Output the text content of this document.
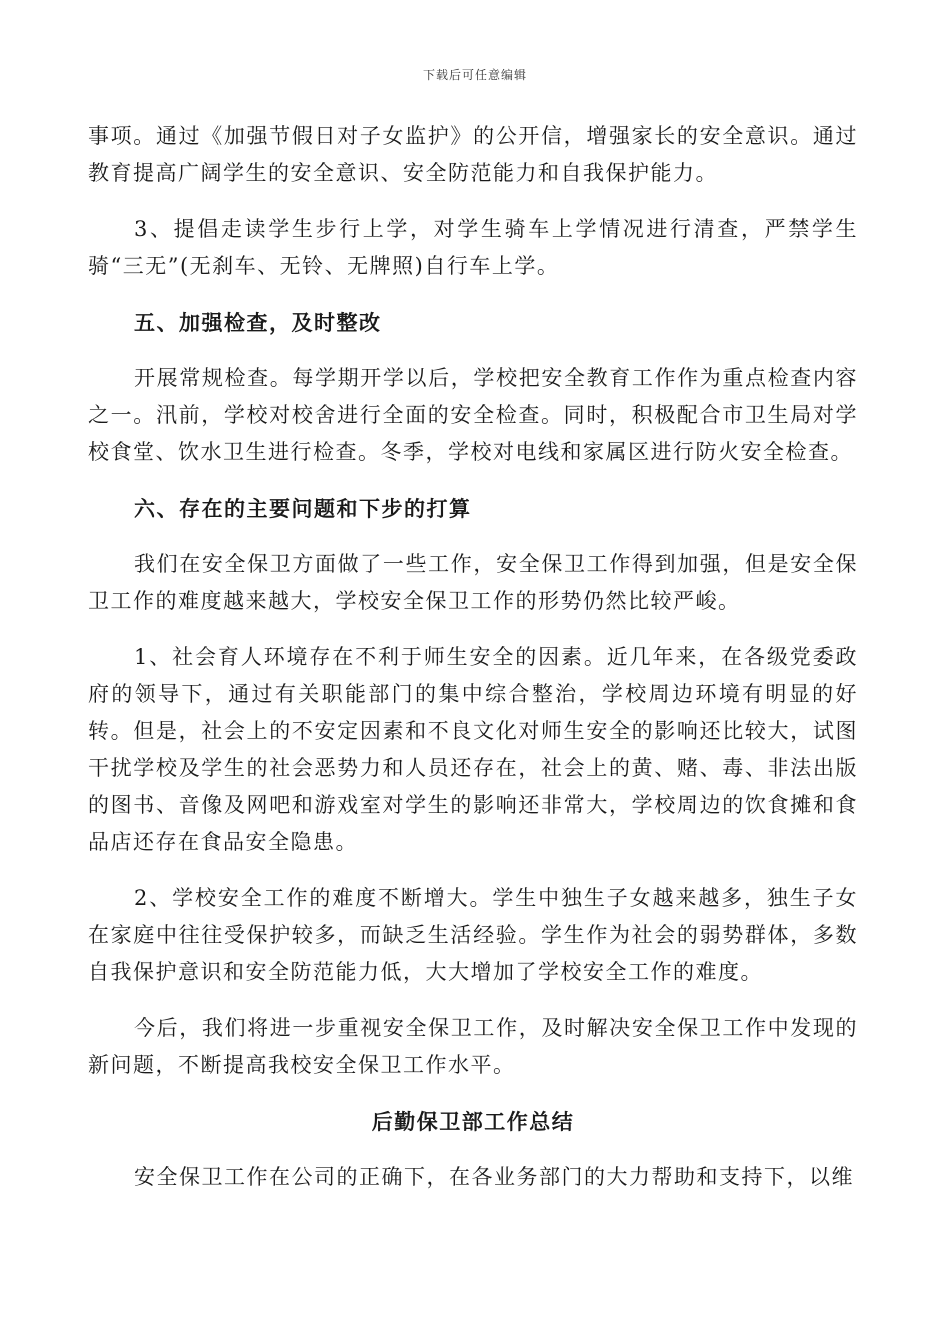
下载后可任意编辑

事项。通过《加强节假日对子女监护》的公开信，增强家长的安全意识。通过教育提高广阔学生的安全意识、安全防范能力和自我保护能力。

3、提倡走读学生步行上学，对学生骑车上学情况进行清查，严禁学生骑“三无”(无刹车、无铃、无牌照)自行车上学。

五、加强检查，及时整改

开展常规检查。每学期开学以后，学校把安全教育工作作为重点检查内容之一。汛前，学校对校舍进行全面的安全检查。同时，积极配合市卫生局对学校食堂、饮水卫生进行检查。冬季，学校对电线和家属区进行防火安全检查。

六、存在的主要问题和下步的打算

我们在安全保卫方面做了一些工作，安全保卫工作得到加强，但是安全保卫工作的难度越来越大，学校安全保卫工作的形势仍然比较严峻。

1、社会育人环境存在不利于师生安全的因素。近几年来，在各级党委政府的领导下，通过有关职能部门的集中综合整治，学校周边环境有明显的好转。但是，社会上的不安定因素和不良文化对师生安全的影响还比较大，试图干扰学校及学生的社会恶势力和人员还存在，社会上的黄、赌、毒、非法出版的图书、音像及网吧和游戏室对学生的影响还非常大，学校周边的饮食摊和食品店还存在食品安全隐患。

2、学校安全工作的难度不断增大。学生中独生子女越来越多，独生子女在家庭中往往受保护较多，而缺乏生活经验。学生作为社会的弱势群体，多数自我保护意识和安全防范能力低，大大增加了学校安全工作的难度。

今后，我们将进一步重视安全保卫工作，及时解决安全保卫工作中发现的新问题，不断提高我校安全保卫工作水平。

后勤保卫部工作总结

安全保卫工作在公司的正确下，在各业务部门的大力帮助和支持下，以维
